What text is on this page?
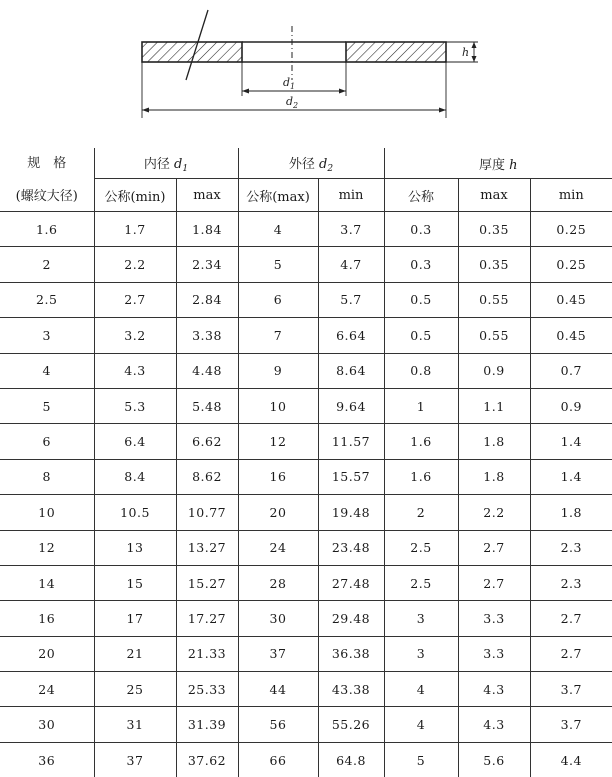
h
$d_1$
$d_2$
规　格	内径 $d_1$		外径 $d_2$		厚度 h		
(螺纹大径)	公称(min)	max	公称(max)	min	公称	max	min
1.6	1.7	1.84	4	3.7	0.3	0.35	0.25
2	2.2	2.34	5	4.7	0.3	0.35	0.25
2.5	2.7	2.84	6	5.7	0.5	0.55	0.45
3	3.2	3.38	7	6.64	0.5	0.55	0.45
4	4.3	4.48	9	8.64	0.8	0.9	0.7
5	5.3	5.48	10	9.64	1	1.1	0.9
6	6.4	6.62	12	11.57	1.6	1.8	1.4
8	8.4	8.62	16	15.57	1.6	1.8	1.4
10	10.5	10.77	20	19.48	2	2.2	1.8
12	13	13.27	24	23.48	2.5	2.7	2.3
14	15	15.27	28	27.48	2.5	2.7	2.3
16	17	17.27	30	29.48	3	3.3	2.7
20	21	21.33	37	36.38	3	3.3	2.7
24	25	25.33	44	43.38	4	4.3	3.7
30	31	31.39	56	55.26	4	4.3	3.7
36	37	37.62	66	64.8	5	5.6	4.4
